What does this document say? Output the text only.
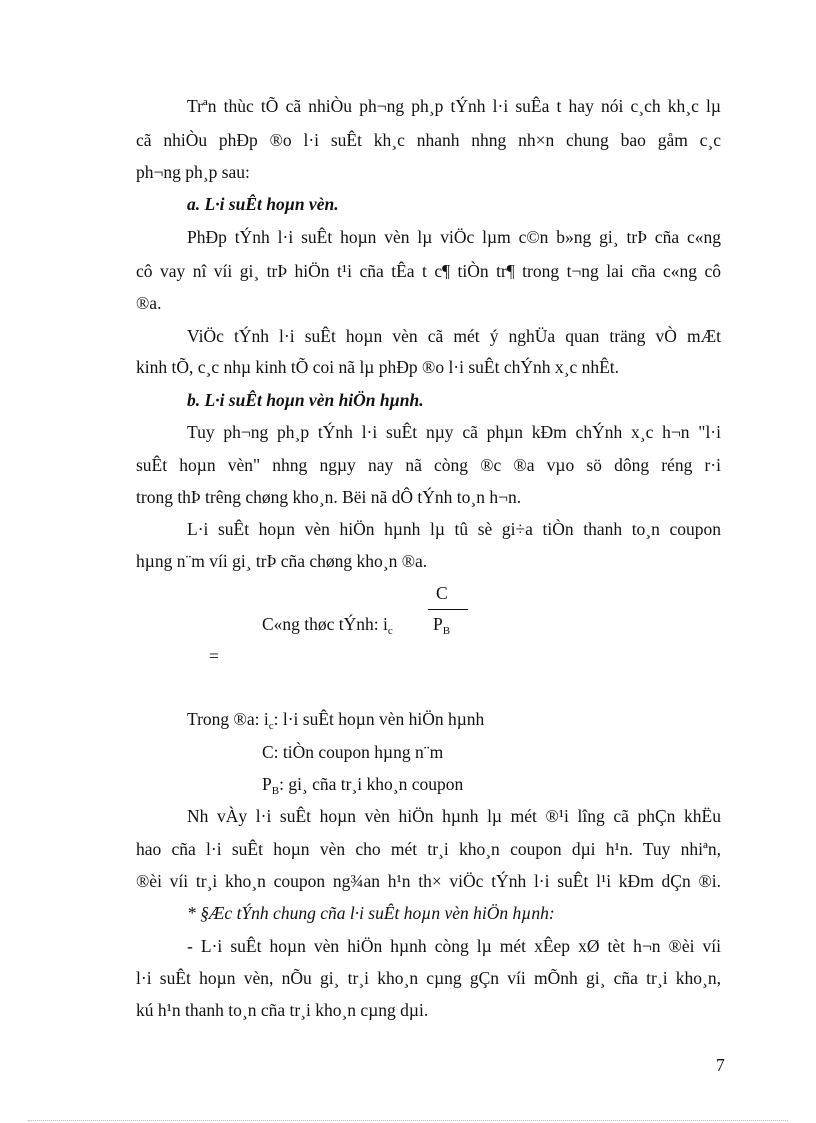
Trªn thùc tÕ cã nhiÒu ph¬ng ph¸p tÝnh l·i suÊa t hay nói c¸ch kh¸c lµ
cã nhiÒu phÐp ®o l·i suÊt kh¸c nhanh nhng nh×n chung bao gåm c¸c
ph¬ng ph¸p sau:
a. L·i suÊt hoµn vèn.
PhÐp tÝnh l·i suÊt hoµn vèn lµ viÖc lµm c©n b»ng gi¸ trÞ cña c«ng
cô vay nî víi gi¸ trÞ hiÖn t¹i cña tÊa t c¶ tiÒn tr¶ trong t¬ng lai cña c«ng cô
®a.
ViÖc tÝnh l·i suÊt hoµn vèn cã mét ý nghÜa quan träng vÒ mÆt
kinh tÕ, c¸c nhµ kinh tÕ coi nã lµ phÐp ®o l·i suÊt chÝnh x¸c nhÊt.
b. L·i suÊt hoµn vèn hiÖn hµnh.
Tuy ph¬ng ph¸p tÝnh l·i suÊt nµy cã phµn kÐm chÝnh x¸c h¬n "l·i
suÊt hoµn vèn" nhng ngµy nay nã còng ®c ®a vµo sö dông réng r·i
trong thÞ trêng chøng kho¸n. Bëi nã dÔ tÝnh to¸n h¬n.
L·i suÊt hoµn vèn hiÖn hµnh lµ tû sè gi÷a tiÒn thanh to¸n coupon
hµng n¨m víi gi¸ trÞ cña chøng kho¸n ®a.
C
C«ng thøc tÝnh: $i_c$ $P_B$
=
Trong ®a: $i_c$: l·i suÊt hoµn vèn hiÖn hµnh
C: tiÒn coupon hµng n¨m
$P_B$: gi¸ cña tr¸i kho¸n coupon
Nh vÀy l·i suÊt hoµn vèn hiÖn hµnh lµ mét ®¹i lîng cã phÇn khËu
hao cña l·i suÊt hoµn vèn cho mét tr¸i kho¸n coupon dµi h¹n. Tuy nhiªn,
®èi víi tr¸i kho¸n coupon ng¾an h¹n th× viÖc tÝnh l·i suÊt l¹i kÐm dÇn ®i.
* §Æc tÝnh chung cña l·i suÊt hoµn vèn hiÖn hµnh:
- L·i suÊt hoµn vèn hiÖn hµnh còng lµ mét xÊep xØ tèt h¬n ®èi víi
l·i suÊt hoµn vèn, nÕu gi¸ tr¸i kho¸n cµng gÇn víi mÕnh gi¸ cña tr¸i kho¸n,
kú h¹n thanh to¸n cña tr¸i kho¸n cµng dµi.
7
